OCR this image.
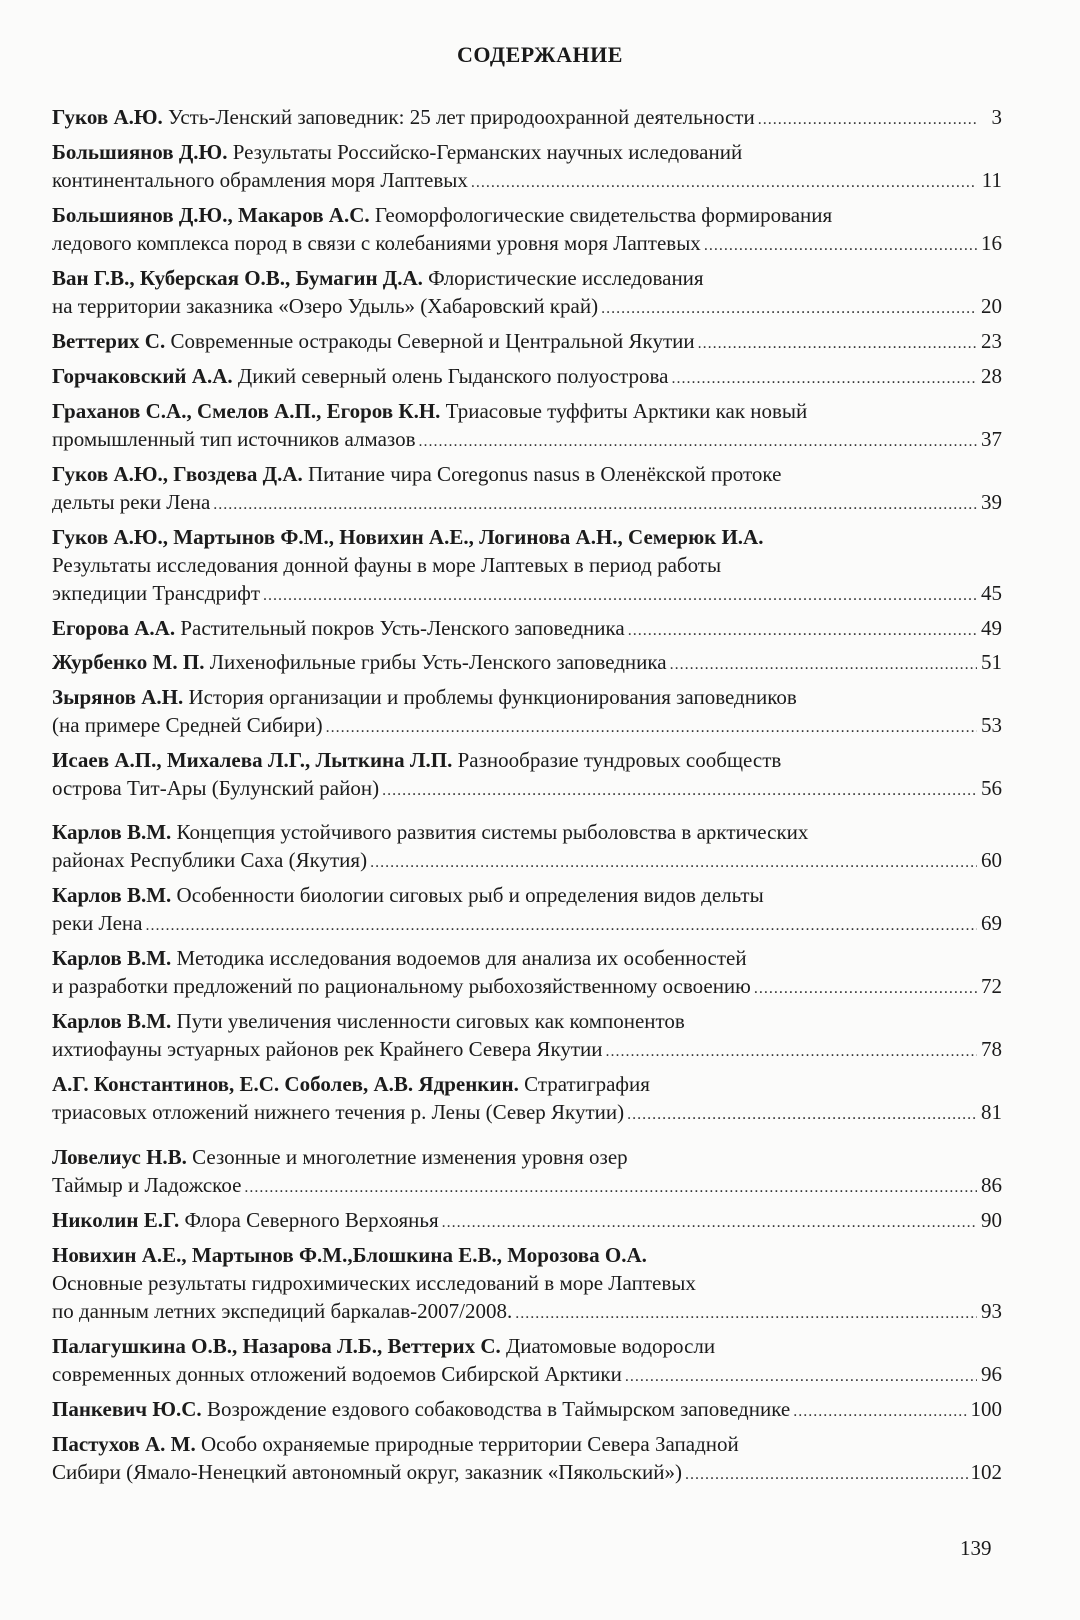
СОДЕРЖАНИЕ
Гуков А.Ю. Усть-Ленский заповедник: 25 лет природоохранной деятельности .....	3
Большиянов Д.Ю. Результаты Российско-Германских научных иследований
континентального обрамления моря Лаптевых .....	11
Большиянов Д.Ю., Макаров А.С. Геоморфологические свидетельства формирования
ледового комплекса пород в связи с колебаниями уровня моря Лаптевых .....	16
Ван Г.В., Куберская О.В., Бумагин Д.А. Флористические исследования
на территории заказника «Озеро Удыль» (Хабаровский край) .....	20
Веттерих С. Современные остракоды Северной и Центральной Якутии .....	23
Горчаковский А.А. Дикий северный олень Гыданского полуострова .....	28
Граханов С.А., Смелов А.П., Егоров К.Н. Триасовые туффиты Арктики как новый
промышленный тип источников алмазов .....	37
Гуков А.Ю., Гвоздева Д.А. Питание чира Coregonus nasus в Оленёкской протоке
дельты реки Лена .....	39
Гуков А.Ю., Мартынов Ф.М., Новихин А.Е., Логинова А.Н., Семерюк И.А.
Результаты исследования донной фауны в море Лаптевых в период работы
экпедиции Трансдрифт .....	45
Егорова А.А. Растительный покров Усть-Ленского заповедника .....	49
Журбенко М. П. Лихенофильные грибы Усть-Ленского заповедника .....	51
Зырянов А.Н. История организации и проблемы функционирования заповедников
(на примере Средней Сибири) .....	53
Исаев А.П., Михалева Л.Г., Лыткина Л.П. Разнообразие тундровых сообществ
острова Тит-Ары (Булунский район) .....	56
Карлов В.М. Концепция устойчивого развития системы рыболовства в арктических
районах Республики Саха (Якутия) .....	60
Карлов В.М. Особенности биологии сиговых рыб и определения видов дельты
реки Лена .....	69
Карлов В.М. Методика исследования водоемов для анализа их особенностей
и разработки предложений по рациональному рыбохозяйственному освоению .....	72
Карлов В.М. Пути увеличения численности сиговых как компонентов
ихтиофауны эстуарных районов рек Крайнего Севера Якутии .....	78
А.Г. Константинов, Е.С. Соболев, А.В. Ядренкин. Стратиграфия
триасовых отложений нижнего течения р. Лены (Север Якутии) .....	81
Ловелиус Н.В. Сезонные и многолетние изменения уровня озер
Таймыр и Ладожское .....	86
Николин Е.Г. Флора Северного Верхоянья .....	90
Новихин А.Е., Мартынов Ф.М.,Блошкина Е.В., Морозова О.А.
Основные результаты гидрохимических исследований в море Лаптевых
по данным летних экспедиций баркалав-2007/2008. .....	93
Палагушкина О.В., Назарова Л.Б., Веттерих С. Диатомовые водоросли
современных донных отложений водоемов Сибирской Арктики .....	96
Панкевич Ю.С. Возрождение ездового собаководства в Таймырском заповеднике .....	100
Пастухов А. М. Особо охраняемые природные территории Севера Западной
Сибири (Ямало-Ненецкий автономный округ, заказник «Пякольский») .....	102
139
